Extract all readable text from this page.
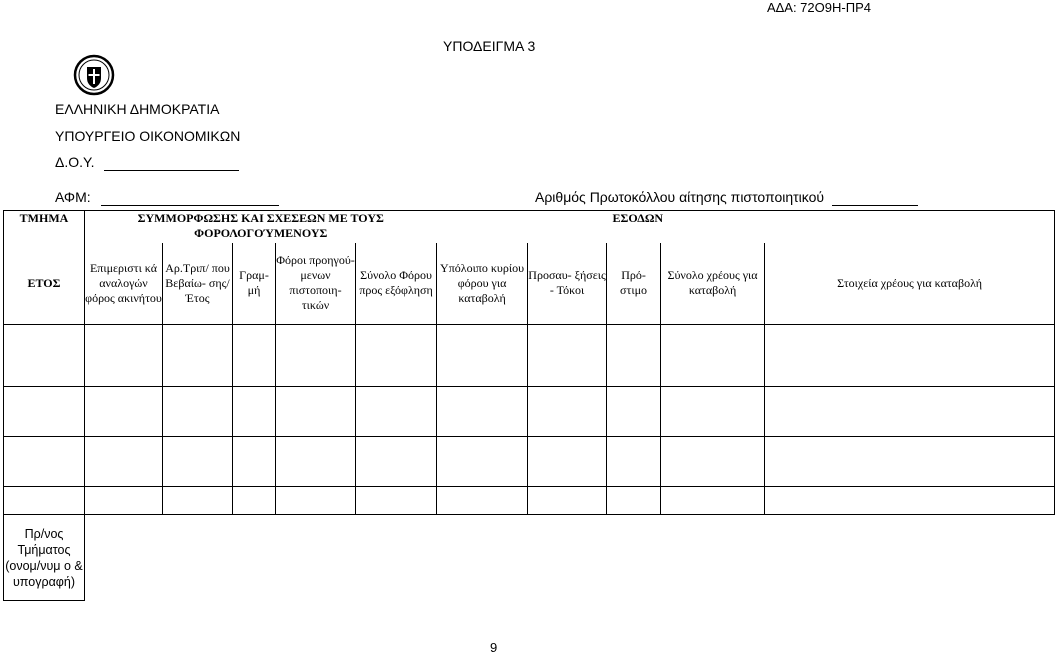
ΑΔΑ: 72Ο9Η-ΠΡ4
ΥΠΟΔΕΙΓΜΑ 3
ΕΛΛΗΝΙΚΗ ΔΗΜΟΚΡΑΤΙΑ
ΥΠΟΥΡΓΕΙΟ ΟΙΚΟΝΟΜΙΚΩΝ
Δ.Ο.Υ.
ΑΦΜ:	Αριθμός Πρωτοκόλλου αίτησης πιστοποιητικού
ΤΜΗΜΑ	ΣΥΜΜΟΡΦΩΣΗΣ ΚΑΙ ΣΧΕΣΕΩΝ ΜΕ ΤΟΥΣ ΦΟΡΟΛΟΓΟΎΜΕΝΟΥΣ					ΕΣΟΔΩΝ				
ΕΤΟΣ	Επιμεριστι κά αναλογών φόρος ακινήτου	Αρ.Τριπ/ που Βεβαίω- σης/ Έτος	Γραμ- μή	Φόροι προηγού- μενων πιστοποιη- τικών	Σύνολο Φόρου προς εξόφληση	Υπόλοιπο κυρίου φόρου για καταβολή	Προσαυ- ξήσεις - Τόκοι	Πρό- στιμο	Σύνολο χρέους για καταβολή	Στοιχεία χρέους για καταβολή

Πρ/νος Τμήματος (ονομ/νυμ ο & υπογραφή)										
9
